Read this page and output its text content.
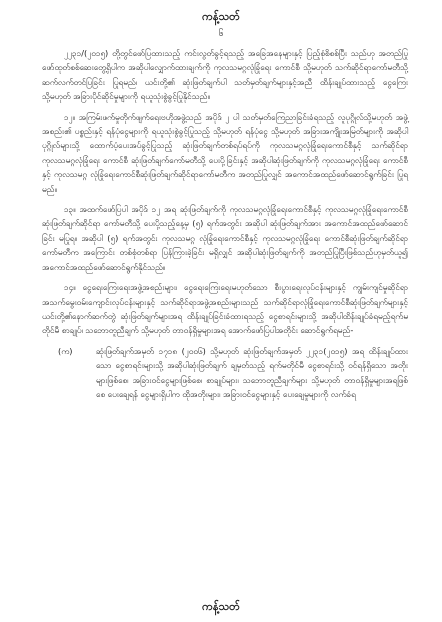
ကန့်သတ်
၆

၂၂၃၁/(၂၀၁၅) တို့တွင်ဖော်ပြထားသည့် ကင်းလွတ်ခွင့်ရသည့် အခြေအနေများနှင့် ပြည့်စုံစိစစ်ပြီး သည်ဟု အတည်ပြုဖော်ထုတ်စစ်ဆေးတွေ့ရှိပါက အဆိုပါလျှောက်ထားချက်ကို ကုလသမဂ္ဂလုံခြုံရေး ကောင်စီ သို့မဟုတ် သက်ဆိုင်ရာကော်မတီသို့ ဆက်လက်တင်ပြခြင်း ပြုရမည်၊ ယင်းတို့၏ ဆုံးဖြတ်ချက်ပါ သတ်မှတ်ချက်များနှင့်အညီ ထိန်းချုပ်ထားသည့် ငွေကြေး သို့မဟုတ် အခြားပိုင်ဆိုင်မှုများကို ရယူသုံးစွဲခွင့်ပြုနိုင်သည်။

၁၂။ အကြမ်းဖက်မှုတိုက်ဖျက်ရေးဗဟိုအဖွဲ့သည် အပိုဒ် ၂ ပါ သတ်မှတ်ကြေညာခြင်းခံရသည့် လူပုဂ္ဂိုလ်သို့မဟုတ် အဖွဲ့အစည်း၏ ပစ္စည်းနှင့် ရန်ပုံငွေများကို ရယူသုံးစွဲခွင့်ပြုသည့် သို့မဟုတ် ရန်ပုံငွေ သို့မဟုတ် အခြားအကျိုးအမြတ်များကို အဆိုပါ ပုဂ္ဂိုလ်များသို့ ထောက်ပံ့ပေးအပ်ခွင့်ပြုသည့် ဆုံးဖြတ်ချက်တစ်ရပ်ရပ်ကို ကုလသမဂ္ဂလုံခြုံရေးကောင်စီနှင့် သက်ဆိုင်ရာ ကုလသမဂ္ဂလုံခြုံရေး ကောင်စီ ဆုံးဖြတ်ချက်ကော်မတီသို့ ပေးပို့ခြင်းနှင့် အဆိုပါဆုံးဖြတ်ချက်ကို ကုလသမဂ္ဂလုံခြုံရေး ကောင်စီနှင့် ကုလသမဂ္ဂ လုံခြုံရေးကောင်စီဆုံးဖြတ်ချက်ဆိုင်ရာကော်မတီက အတည်ပြုလျှင် အကောင်အထည်ဖော်ဆောင်ရွက်ခြင်း ပြုရမည်။

၁၃။ အထက်ဖော်ပြပါ အပိုဒ် ၁၂ အရ ဆုံးဖြတ်ချက်ကို ကုလသမဂ္ဂလုံခြုံရေးကောင်စီနှင့် ကုလသမဂ္ဂလုံခြုံရေးကောင်စီဆုံးဖြတ်ချက်ဆိုင်ရာ ကော်မတီသို့ ပေးပို့သည့်နေ့မှ (၅) ရက်အတွင်း အဆိုပါ ဆုံးဖြတ်ချက်အား အကောင်အထည်ဖော်ဆောင်ခြင်း မပြုရ။ အဆိုပါ (၅) ရက်အတွင်း ကုလသမဂ္ဂ လုံခြုံရေးကောင်စီနှင့် ကုလသမဂ္ဂလုံခြုံရေး ကောင်စီဆုံးဖြတ်ချက်ဆိုင်ရာကော်မတီက အကြောင်း တစ်စုံတစ်ရာ ပြန်ကြားခဲ့ခြင်း မရှိလျှင် အဆိုပါဆုံးဖြတ်ချက်ကို အတည်ပြုပြီးဖြစ်သည်ဟုမှတ်ယူ၍ အကောင်အထည်ဖော်ဆောင်ရွက်နိုင်သည်။

၁၄။ ငွေရေးကြေးရေးအဖွဲ့အစည်းများ၊ ငွေရေးကြေးရေးမဟုတ်သော စီးပွားရေးလုပ်ငန်းများနှင့် ကျွမ်းကျင်မှုဆိုင်ရာအသက်မွေးဝမ်းကျောင်းလုပ်ငန်းများနှင့် သက်ဆိုင်ရာအဖွဲ့အစည်းများသည် သက်ဆိုင်ရာလုံခြုံရေးကောင်စီဆုံးဖြတ်ချက်များနှင့် ယင်းတို့၏နောက်ဆက်တွဲ ဆုံးဖြတ်ချက်များအရ ထိန်းချုပ်ခြင်းခံထားရသည့် ငွေစာရင်းများသို့ အဆိုပါထိန်းချုပ်ခံရမည့်ရက်မတိုင်မီ စာချုပ်၊ သဘောတူညီချက် သို့မဟုတ် တာဝန်ရှိမှုများအရ အောက်ဖော်ပြပါအတိုင်း ဆောင်ရွက်ရမည်-

(က)	ဆုံးဖြတ်ချက်အမှတ် ၁၇၁၈ (၂၀၀၆) သို့မဟုတ် ဆုံးဖြတ်ချက်အမှတ် ၂၂၃၁(၂၀၁၅) အရ ထိန်းချုပ်ထားသော ငွေစာရင်းများသို့ အဆိုပါဆုံးဖြတ်ချက် ချမှတ်သည့် ရက်မတိုင်မီ ငွေစာရင်းသို့ ဝင်ရန်ရှိသော အတိုးများဖြစ်စေ၊ အခြားဝင်ငွေများဖြစ်စေ၊ စာချုပ်များ၊ သဘောတူညီချက်များ သို့မဟုတ် တာဝန်ရှိမှုများအရဖြစ်စေ ပေးချေရန် ငွေများရှိပါက ထိုအတိုးများ၊ အခြားဝင်ငွေများနှင့် ပေးချေမှုများကို လက်ခံရ

ကန့်သတ်
